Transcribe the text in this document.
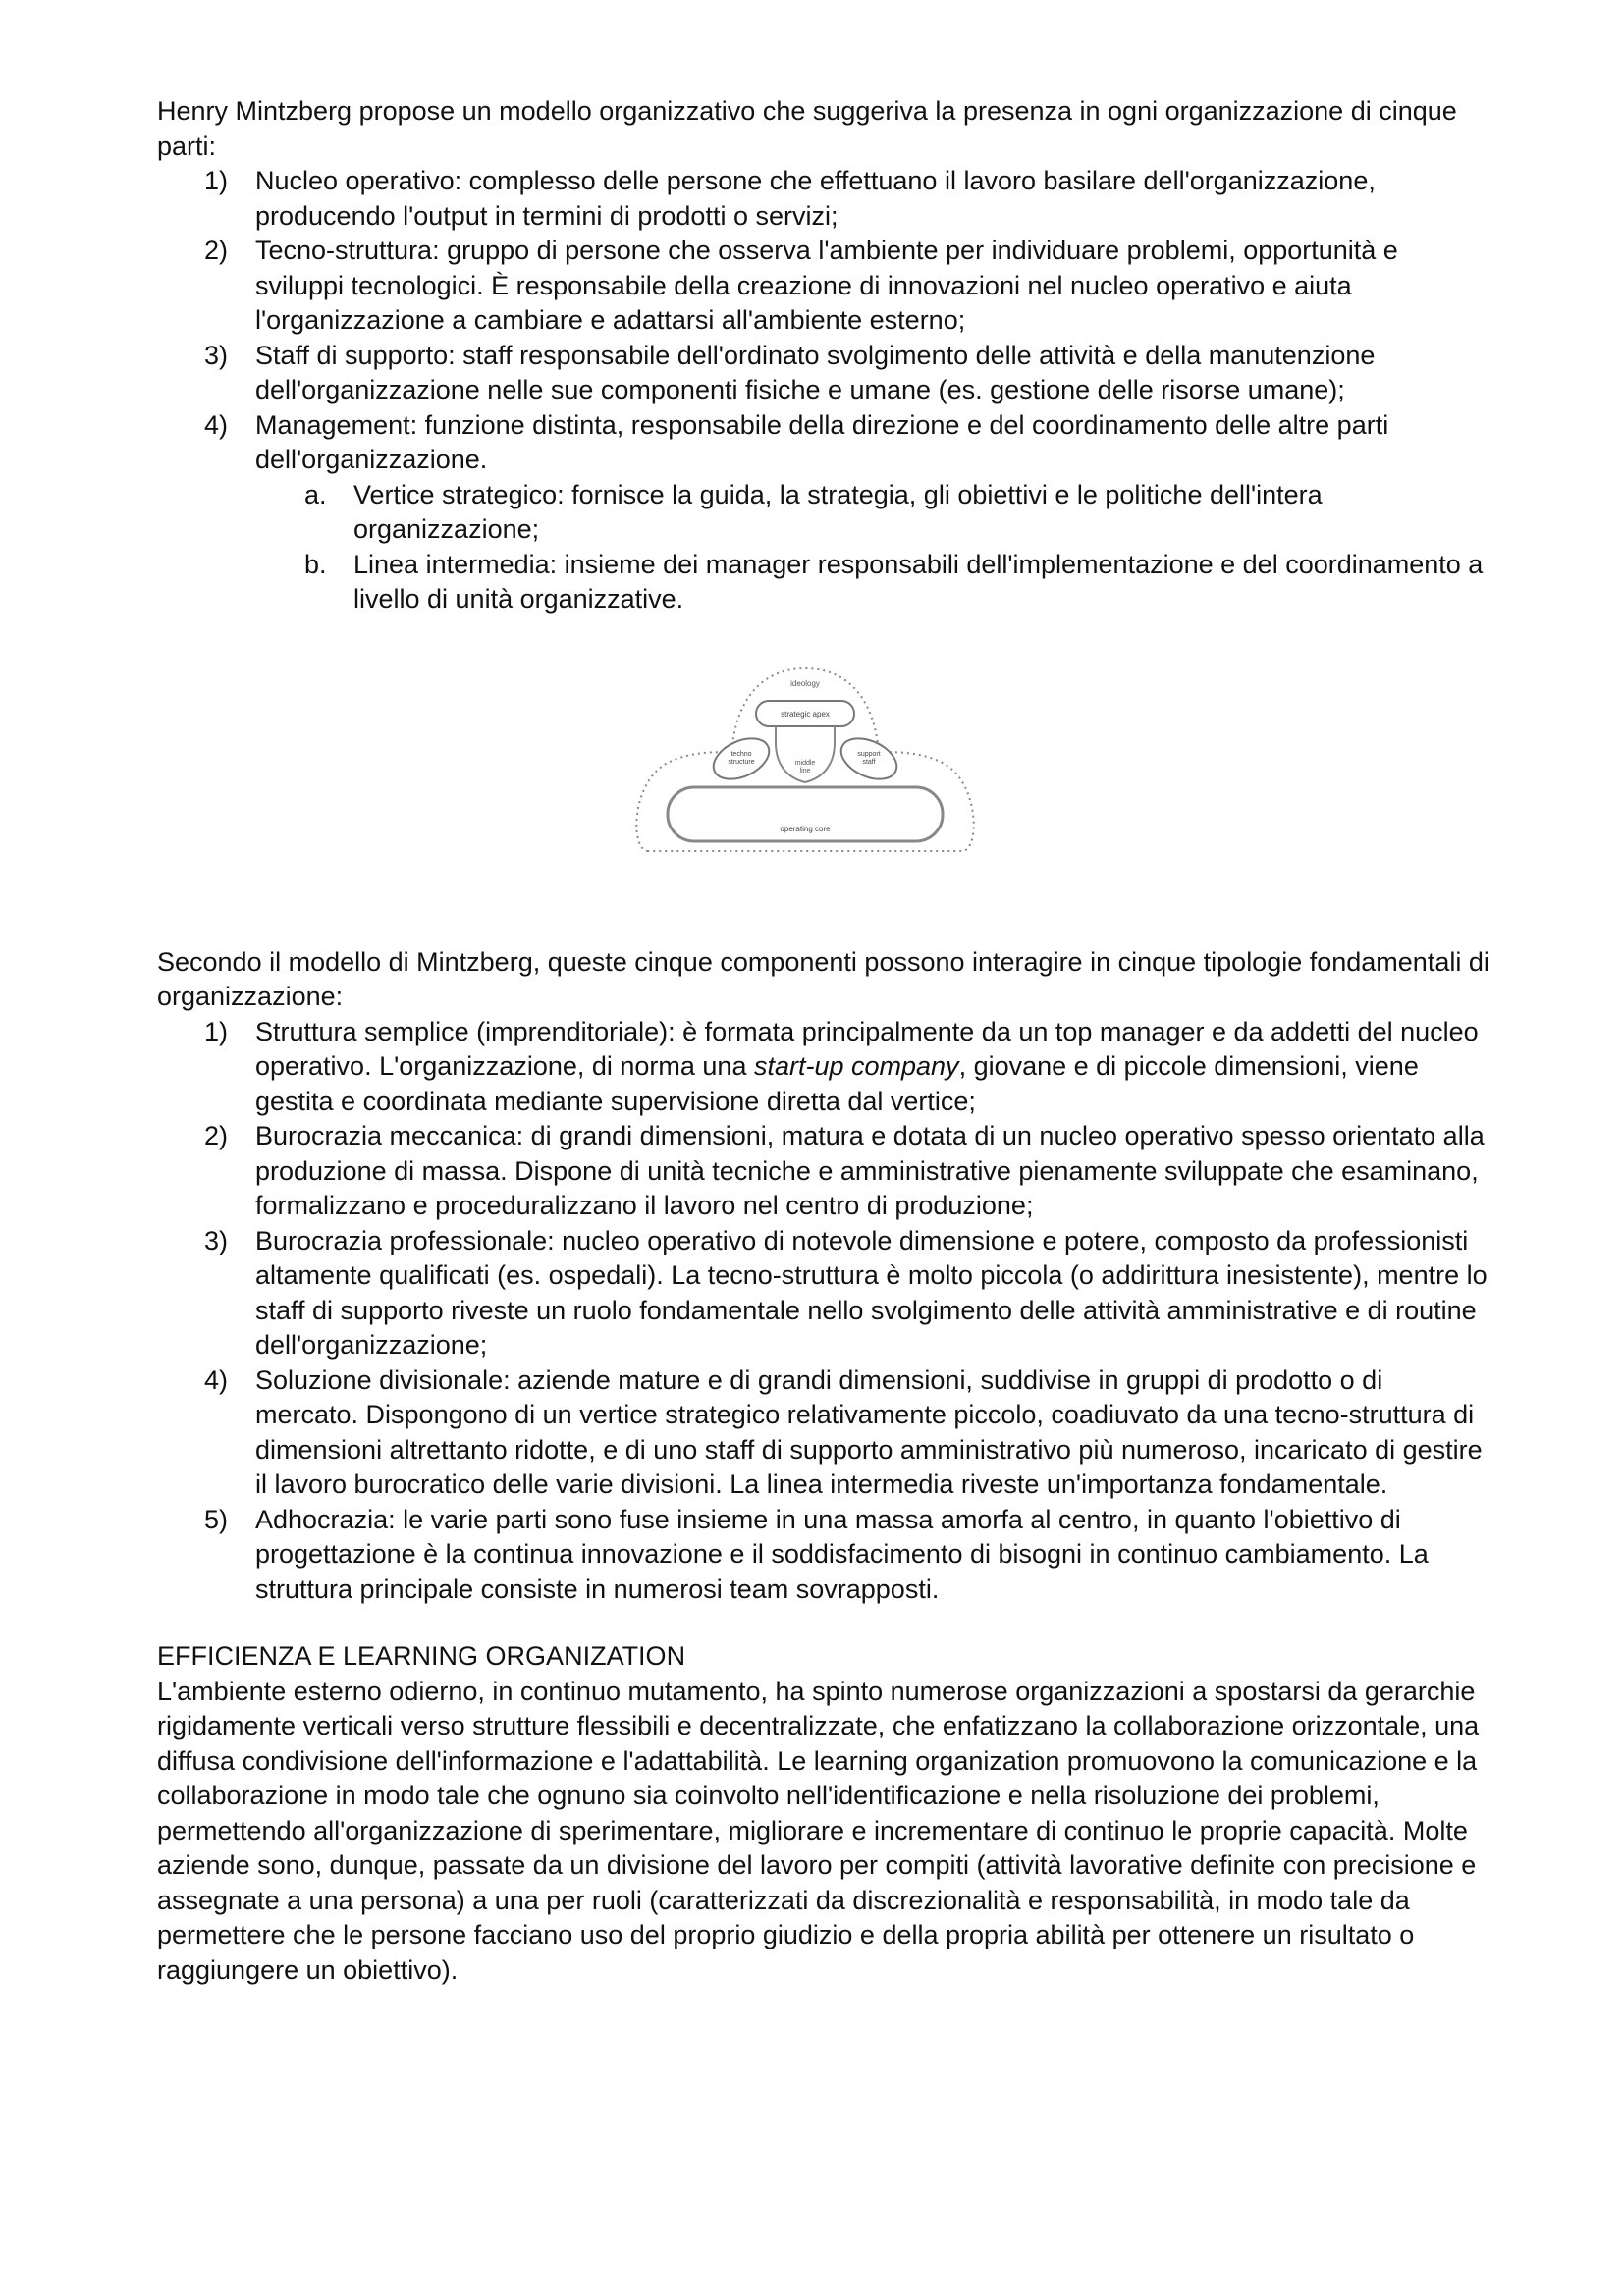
Henry Mintzberg propose un modello organizzativo che suggeriva la presenza in ogni organizzazione di cinque parti:

1) Nucleo operativo: complesso delle persone che effettuano il lavoro basilare dell'organizzazione, producendo l'output in termini di prodotti o servizi;
2) Tecno-struttura: gruppo di persone che osserva l'ambiente per individuare problemi, opportunità e sviluppi tecnologici. È responsabile della creazione di innovazioni nel nucleo operativo e aiuta l'organizzazione a cambiare e adattarsi all'ambiente esterno;
3) Staff di supporto: staff responsabile dell'ordinato svolgimento delle attività e della manutenzione dell'organizzazione nelle sue componenti fisiche e umane (es. gestione delle risorse umane);
4) Management: funzione distinta, responsabile della direzione e del coordinamento delle altre parti dell'organizzazione.
a. Vertice strategico: fornisce la guida, la strategia, gli obiettivi e le politiche dell'intera organizzazione;
b. Linea intermedia: insieme dei manager responsabili dell'implementazione e del coordinamento a livello di unità organizzative.
ideology
strategic apex
middle
line
techno
structure
support
staff
operating core

Secondo il modello di Mintzberg, queste cinque componenti possono interagire in cinque tipologie fondamentali di organizzazione:

1) Struttura semplice (imprenditoriale): è formata principalmente da un top manager e da addetti del nucleo operativo. L'organizzazione, di norma una start-up company, giovane e di piccole dimensioni, viene gestita e coordinata mediante supervisione diretta dal vertice;
2) Burocrazia meccanica: di grandi dimensioni, matura e dotata di un nucleo operativo spesso orientato alla produzione di massa. Dispone di unità tecniche e amministrative pienamente sviluppate che esaminano, formalizzano e proceduralizzano il lavoro nel centro di produzione;
3) Burocrazia professionale: nucleo operativo di notevole dimensione e potere, composto da professionisti altamente qualificati (es. ospedali). La tecno-struttura è molto piccola (o addirittura inesistente), mentre lo staff di supporto riveste un ruolo fondamentale nello svolgimento delle attività amministrative e di routine dell'organizzazione;
4) Soluzione divisionale: aziende mature e di grandi dimensioni, suddivise in gruppi di prodotto o di mercato. Dispongono di un vertice strategico relativamente piccolo, coadiuvato da una tecno-struttura di dimensioni altrettanto ridotte, e di uno staff di supporto amministrativo più numeroso, incaricato di gestire il lavoro burocratico delle varie divisioni. La linea intermedia riveste un'importanza fondamentale.
5) Adhocrazia: le varie parti sono fuse insieme in una massa amorfa al centro, in quanto l'obiettivo di progettazione è la continua innovazione e il soddisfacimento di bisogni in continuo cambiamento. La struttura principale consiste in numerosi team sovrapposti.

EFFICIENZA E LEARNING ORGANIZATION

L'ambiente esterno odierno, in continuo mutamento, ha spinto numerose organizzazioni a spostarsi da gerarchie rigidamente verticali verso strutture flessibili e decentralizzate, che enfatizzano la collaborazione orizzontale, una diffusa condivisione dell'informazione e l'adattabilità. Le learning organization promuovono la comunicazione e la collaborazione in modo tale che ognuno sia coinvolto nell'identificazione e nella risoluzione dei problemi, permettendo all'organizzazione di sperimentare, migliorare e incrementare di continuo le proprie capacità. Molte aziende sono, dunque, passate da un divisione del lavoro per compiti (attività lavorative definite con precisione e assegnate a una persona) a una per ruoli (caratterizzati da discrezionalità e responsabilità, in modo tale da permettere che le persone facciano uso del proprio giudizio e della propria abilità per ottenere un risultato o raggiungere un obiettivo).
